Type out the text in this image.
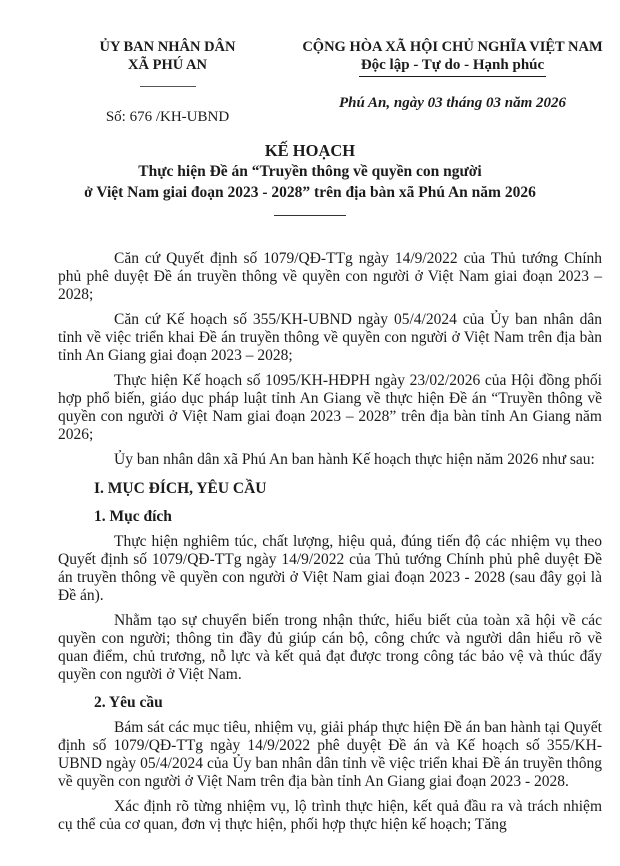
ỦY BAN NHÂN DÂN
XÃ PHÚ AN
Số: 676 /KH-UBND
CỘNG HÒA XÃ HỘI CHỦ NGHĨA VIỆT NAM
Độc lập - Tự do - Hạnh phúc
Phú An, ngày 03 tháng 03 năm 2026
KẾ HOẠCH
Thực hiện Đề án “Truyền thông về quyền con người
ở Việt Nam giai đoạn 2023 - 2028” trên địa bàn xã Phú An năm 2026

Căn cứ Quyết định số 1079/QĐ-TTg ngày 14/9/2022 của Thủ tướng Chính phủ phê duyệt Đề án truyền thông về quyền con người ở Việt Nam giai đoạn 2023 – 2028;

Căn cứ Kế hoạch số 355/KH-UBND ngày 05/4/2024 của Ủy ban nhân dân tỉnh về việc triển khai Đề án truyền thông về quyền con người ở Việt Nam trên địa bàn tỉnh An Giang giai đoạn 2023 – 2028;

Thực hiện Kế hoạch số 1095/KH-HĐPH ngày 23/02/2026 của Hội đồng phối hợp phổ biến, giáo dục pháp luật tỉnh An Giang về thực hiện Đề án “Truyền thông về quyền con người ở Việt Nam giai đoạn 2023 – 2028” trên địa bàn tỉnh An Giang năm 2026;

Ủy ban nhân dân xã Phú An ban hành Kế hoạch thực hiện năm 2026 như sau:

I. MỤC ĐÍCH, YÊU CẦU

1. Mục đích

Thực hiện nghiêm túc, chất lượng, hiệu quả, đúng tiến độ các nhiệm vụ theo Quyết định số 1079/QĐ-TTg ngày 14/9/2022 của Thủ tướng Chính phủ phê duyệt Đề án truyền thông về quyền con người ở Việt Nam giai đoạn 2023 - 2028 (sau đây gọi là Đề án).

Nhằm tạo sự chuyển biến trong nhận thức, hiểu biết của toàn xã hội về các quyền con người; thông tin đầy đủ giúp cán bộ, công chức và người dân hiểu rõ về quan điểm, chủ trương, nỗ lực và kết quả đạt được trong công tác bảo vệ và thúc đẩy quyền con người ở Việt Nam.

2. Yêu cầu

Bám sát các mục tiêu, nhiệm vụ, giải pháp thực hiện Đề án ban hành tại Quyết định số 1079/QĐ-TTg ngày 14/9/2022 phê duyệt Đề án và Kế hoạch số 355/KH-UBND ngày 05/4/2024 của Ủy ban nhân dân tỉnh về việc triển khai Đề án truyền thông về quyền con người ở Việt Nam trên địa bàn tỉnh An Giang giai đoạn 2023 - 2028.

Xác định rõ từng nhiệm vụ, lộ trình thực hiện, kết quả đầu ra và trách nhiệm cụ thể của cơ quan, đơn vị thực hiện, phối hợp thực hiện kế hoạch; Tăng
